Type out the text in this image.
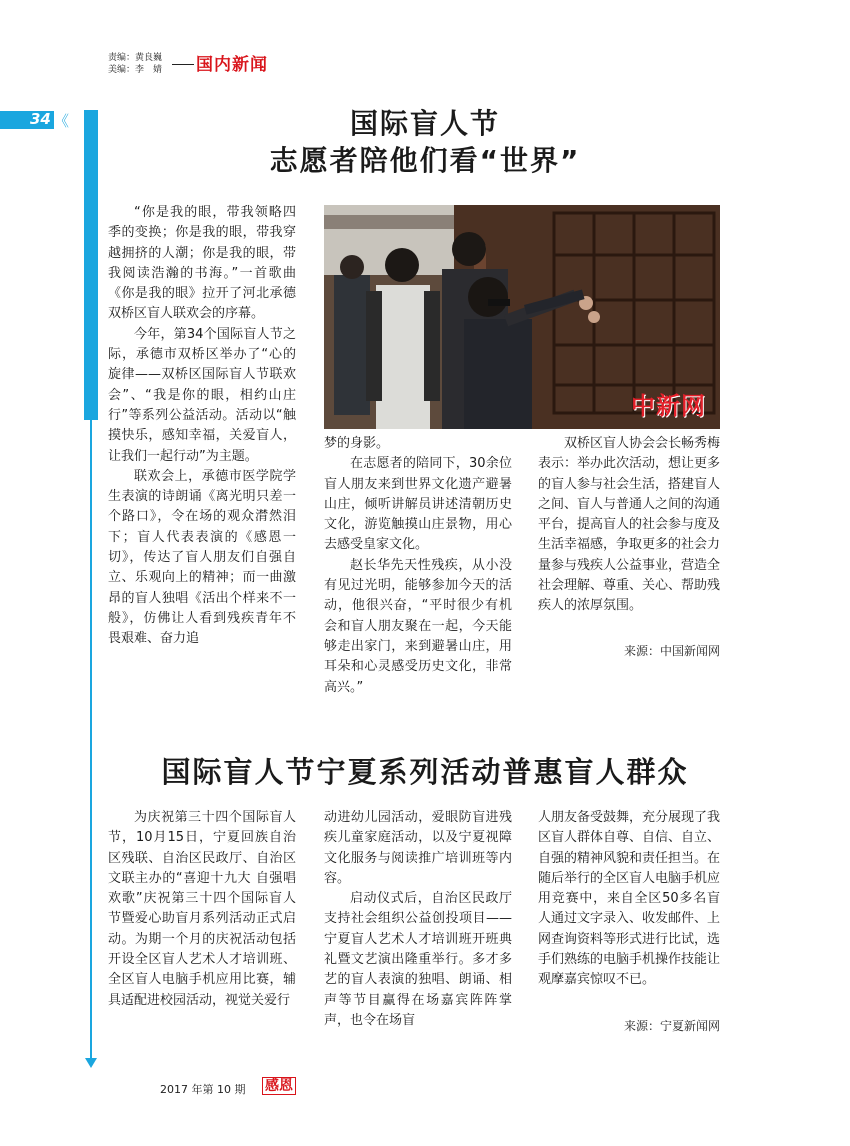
责编：黄良巍
美编：李　婧 国内新闻
34 《	国际盲人节
志愿者陪他们看“世界”

“你是我的眼，带我领略四季的变换；你是我的眼，带我穿越拥挤的人潮；你是我的眼，带我阅读浩瀚的书海。”一首歌曲《你是我的眼》拉开了河北承德双桥区盲人联欢会的序幕。

今年，第34个国际盲人节之际，承德市双桥区举办了“心的旋律——双桥区国际盲人节联欢会”、“我是你的眼，相约山庄行”等系列公益活动。活动以“触摸快乐，感知幸福，关爱盲人，让我们一起行动”为主题。

联欢会上，承德市医学院学生表演的诗朗诵《离光明只差一个路口》，令在场的观众潸然泪下；盲人代表表演的《感恩一切》，传达了盲人朋友们自强自立、乐观向上的精神；而一曲激昂的盲人独唱《活出个样来不一般》，仿佛让人看到残疾青年不畏艰难、奋力追

中新网

梦的身影。

在志愿者的陪同下，30余位盲人朋友来到世界文化遗产避暑山庄，倾听讲解员讲述清朝历史文化，游览触摸山庄景物，用心去感受皇家文化。

赵长华先天性残疾，从小没有见过光明，能够参加今天的活动，他很兴奋，“平时很少有机会和盲人朋友聚在一起，今天能够走出家门，来到避暑山庄，用耳朵和心灵感受历史文化，非常高兴。”

双桥区盲人协会会长畅秀梅表示：举办此次活动，想让更多的盲人参与社会生活，搭建盲人之间、盲人与普通人之间的沟通平台，提高盲人的社会参与度及生活幸福感，争取更多的社会力量参与残疾人公益事业，营造全社会理解、尊重、关心、帮助残疾人的浓厚氛围。

来源：中国新闻网
国际盲人节宁夏系列活动普惠盲人群众

为庆祝第三十四个国际盲人节，10月15日，宁夏回族自治区残联、自治区民政厅、自治区文联主办的“喜迎十九大 自强唱欢歌”庆祝第三十四个国际盲人节暨爱心助盲月系列活动正式启动。为期一个月的庆祝活动包括开设全区盲人艺术人才培训班、全区盲人电脑手机应用比赛，辅具适配进校园活动，视觉关爱行

动进幼儿园活动，爱眼防盲进残疾儿童家庭活动，以及宁夏视障文化服务与阅读推广培训班等内容。

启动仪式后，自治区民政厅支持社会组织公益创投项目——宁夏盲人艺术人才培训班开班典礼暨文艺演出隆重举行。多才多艺的盲人表演的独唱、朗诵、相声等节目赢得在场嘉宾阵阵掌声，也令在场盲

人朋友备受鼓舞，充分展现了我区盲人群体自尊、自信、自立、自强的精神风貌和责任担当。在随后举行的全区盲人电脑手机应用竞赛中，来自全区50多名盲人通过文字录入、收发邮件、上网查询资料等形式进行比试，选手们熟练的电脑手机操作技能让观摩嘉宾惊叹不已。

来源：宁夏新闻网
2017 年第 10 期 感恩
